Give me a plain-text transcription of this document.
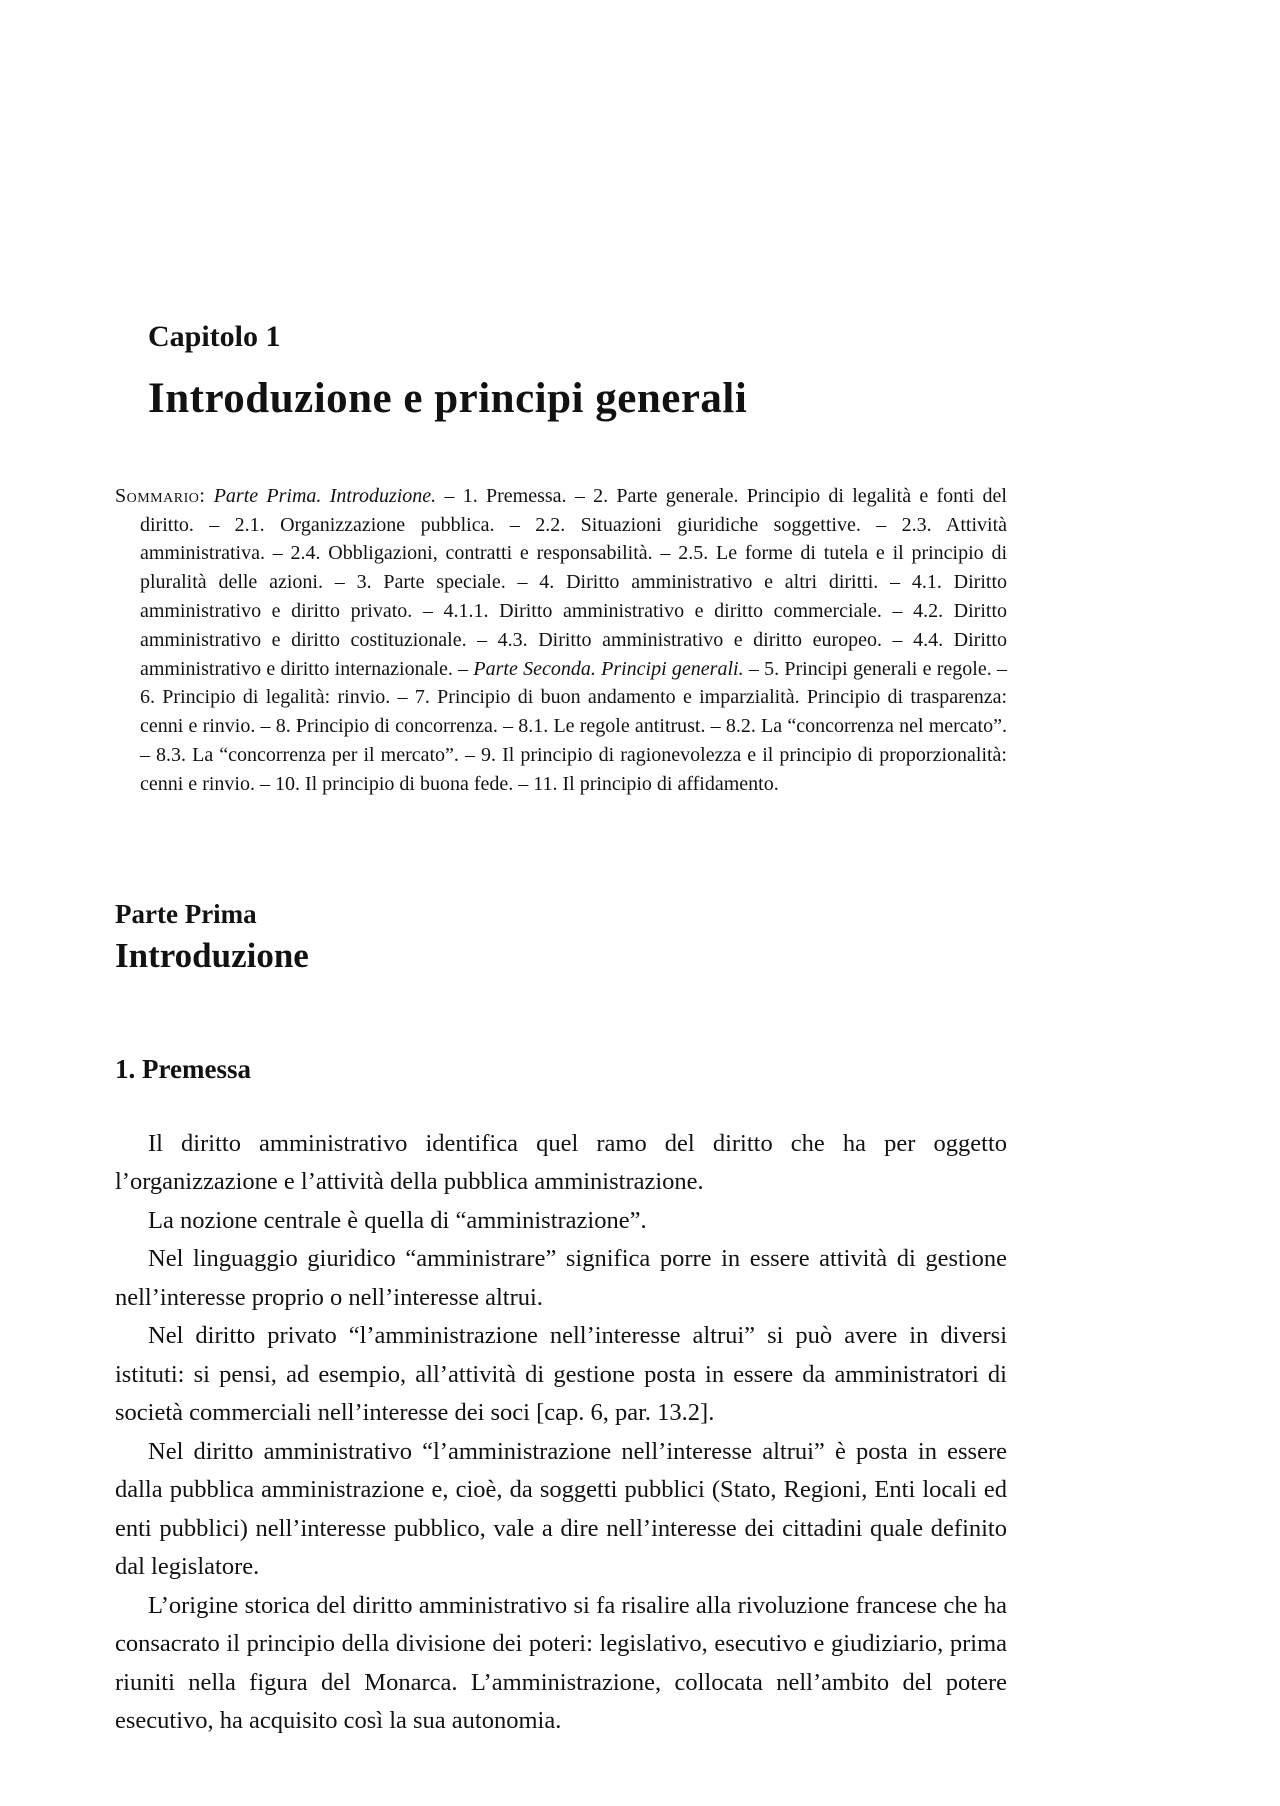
Capitolo 1
Introduzione e principi generali

Sommario: Parte Prima. Introduzione. – 1. Premessa. – 2. Parte generale. Principio di legalità e fonti del diritto. – 2.1. Organizzazione pubblica. – 2.2. Situazioni giuridiche soggettive. – 2.3. Attività amministrativa. – 2.4. Obbligazioni, contratti e responsabilità. – 2.5. Le forme di tutela e il principio di pluralità delle azioni. – 3. Parte speciale. – 4. Diritto amministrativo e altri diritti. – 4.1. Diritto amministrativo e diritto privato. – 4.1.1. Diritto amministrativo e diritto commerciale. – 4.2. Diritto amministrativo e diritto costituzionale. – 4.3. Diritto amministrativo e diritto europeo. – 4.4. Diritto amministrativo e diritto internazionale. – Parte Seconda. Principi generali. – 5. Principi generali e regole. – 6. Principio di legalità: rinvio. – 7. Principio di buon andamento e imparzialità. Principio di trasparenza: cenni e rinvio. – 8. Principio di concorrenza. – 8.1. Le regole antitrust. – 8.2. La “concorrenza nel mercato”. – 8.3. La “concorrenza per il mercato”. – 9. Il principio di ragionevolezza e il principio di proporzionalità: cenni e rinvio. – 10. Il principio di buona fede. – 11. Il principio di affidamento.

Parte Prima
Introduzione
1. Premessa

Il diritto amministrativo identifica quel ramo del diritto che ha per oggetto l’organizzazione e l’attività della pubblica amministrazione.

La nozione centrale è quella di “amministrazione”.

Nel linguaggio giuridico “amministrare” significa porre in essere attività di gestione nell’interesse proprio o nell’interesse altrui.

Nel diritto privato “l’amministrazione nell’interesse altrui” si può avere in diversi istituti: si pensi, ad esempio, all’attività di gestione posta in essere da amministratori di società commerciali nell’interesse dei soci [cap. 6, par. 13.2].

Nel diritto amministrativo “l’amministrazione nell’interesse altrui” è posta in essere dalla pubblica amministrazione e, cioè, da soggetti pubblici (Stato, Regioni, Enti locali ed enti pubblici) nell’interesse pubblico, vale a dire nell’interesse dei cittadini quale definito dal legislatore.

L’origine storica del diritto amministrativo si fa risalire alla rivoluzione francese che ha consacrato il principio della divisione dei poteri: legislativo, esecutivo e giudiziario, prima riuniti nella figura del Monarca. L’amministrazione, collocata nell’ambito del potere esecutivo, ha acquisito così la sua autonomia.
